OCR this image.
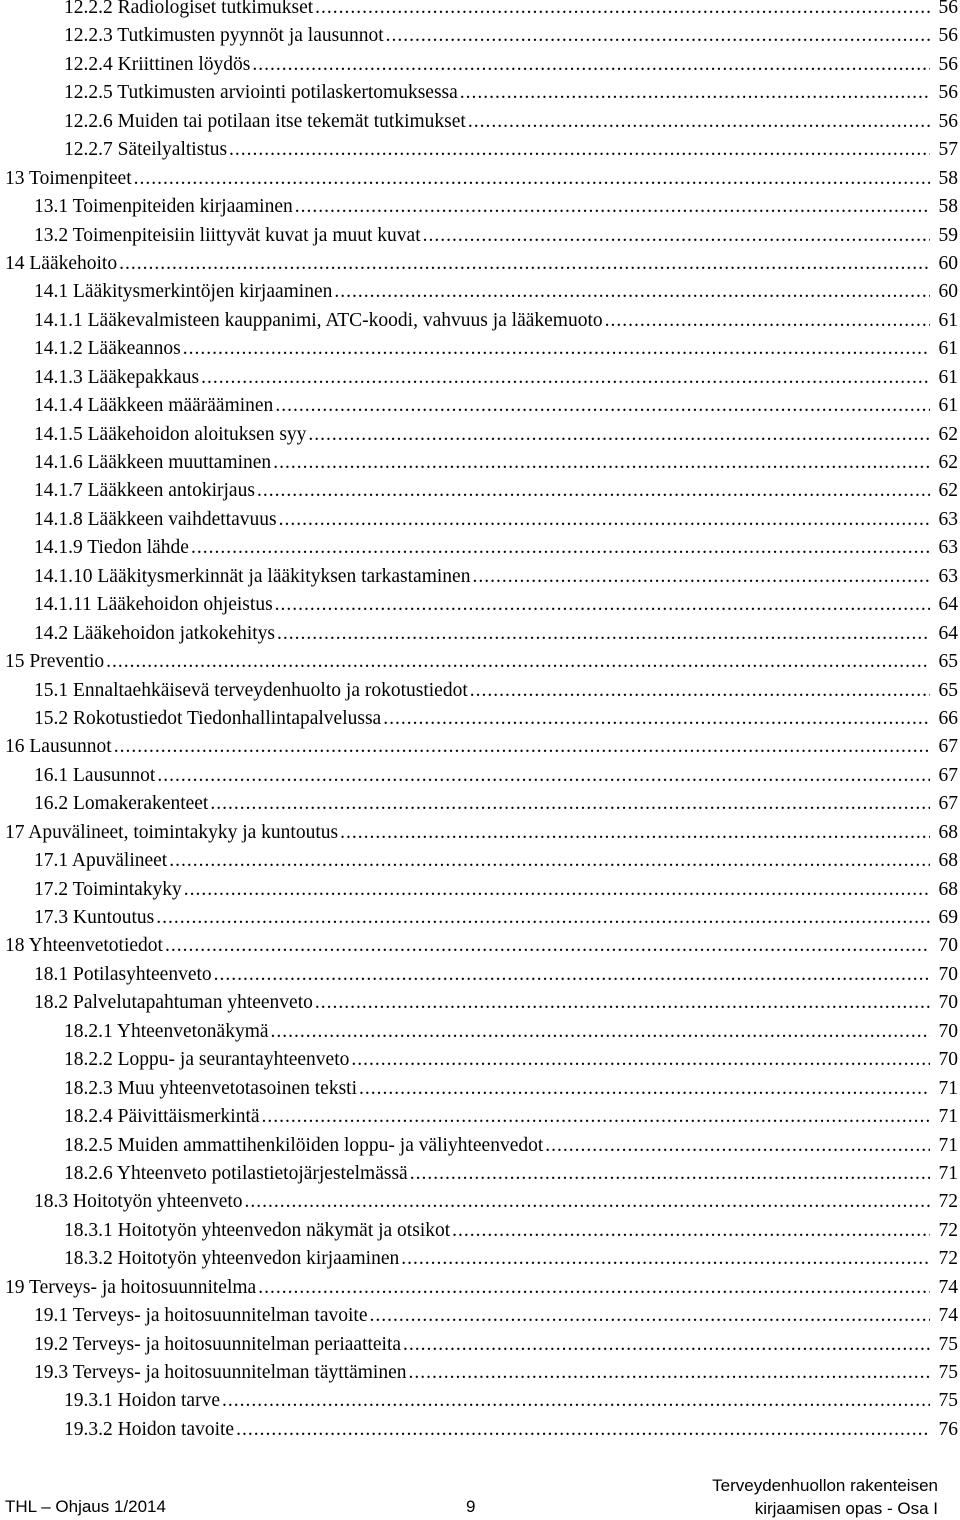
12.2.2 Radiologiset tutkimukset .....	56
12.2.3 Tutkimusten pyynnöt ja lausunnot .....	56
12.2.4 Kriittinen löydös .....	56
12.2.5 Tutkimusten arviointi potilaskertomuksessa .....	56
12.2.6 Muiden tai potilaan itse tekemät tutkimukset .....	56
12.2.7 Säteilyaltistus .....	57
13 Toimenpiteet .....	58
13.1 Toimenpiteiden kirjaaminen .....	58
13.2 Toimenpiteisiin liittyvät kuvat ja muut kuvat .....	59
14 Lääkehoito .....	60
14.1 Lääkitysmerkintöjen kirjaaminen .....	60
14.1.1 Lääkevalmisteen kauppanimi, ATC-koodi, vahvuus ja lääkemuoto .....	61
14.1.2 Lääkeannos .....	61
14.1.3 Lääkepakkaus .....	61
14.1.4 Lääkkeen määrääminen .....	61
14.1.5 Lääkehoidon aloituksen syy .....	62
14.1.6 Lääkkeen muuttaminen .....	62
14.1.7 Lääkkeen antokirjaus .....	62
14.1.8 Lääkkeen vaihdettavuus .....	63
14.1.9 Tiedon lähde .....	63
14.1.10 Lääkitysmerkinnät ja lääkityksen tarkastaminen .....	63
14.1.11 Lääkehoidon ohjeistus .....	64
14.2 Lääkehoidon jatkokehitys .....	64
15 Preventio .....	65
15.1 Ennaltaehkäisevä terveydenhuolto ja rokotustiedot .....	65
15.2 Rokotustiedot Tiedonhallintapalvelussa .....	66
16 Lausunnot .....	67
16.1 Lausunnot .....	67
16.2 Lomakerakenteet .....	67
17 Apuvälineet, toimintakyky ja kuntoutus .....	68
17.1 Apuvälineet .....	68
17.2 Toimintakyky .....	68
17.3 Kuntoutus .....	69
18 Yhteenvetotiedot .....	70
18.1 Potilasyhteenveto .....	70
18.2 Palvelutapahtuman yhteenveto .....	70
18.2.1 Yhteenvetonäkymä .....	70
18.2.2 Loppu- ja seurantayhteenveto .....	70
18.2.3 Muu yhteenvetotasoinen teksti .....	71
18.2.4 Päivittäismerkintä .....	71
18.2.5 Muiden ammattihenkilöiden loppu- ja väliyhteenvedot .....	71
18.2.6 Yhteenveto potilastietojärjestelmässä .....	71
18.3 Hoitotyön yhteenveto .....	72
18.3.1 Hoitotyön yhteenvedon näkymät ja otsikot .....	72
18.3.2 Hoitotyön yhteenvedon kirjaaminen .....	72
19 Terveys- ja hoitosuunnitelma .....	74
19.1 Terveys- ja hoitosuunnitelman tavoite .....	74
19.2 Terveys- ja hoitosuunnitelman periaatteita .....	75
19.3 Terveys- ja hoitosuunnitelman täyttäminen .....	75
19.3.1 Hoidon tarve .....	75
19.3.2 Hoidon tavoite .....	76
THL – Ohjaus 1/2014	9
Terveydenhuollon rakenteisen
kirjaamisen opas - Osa I
